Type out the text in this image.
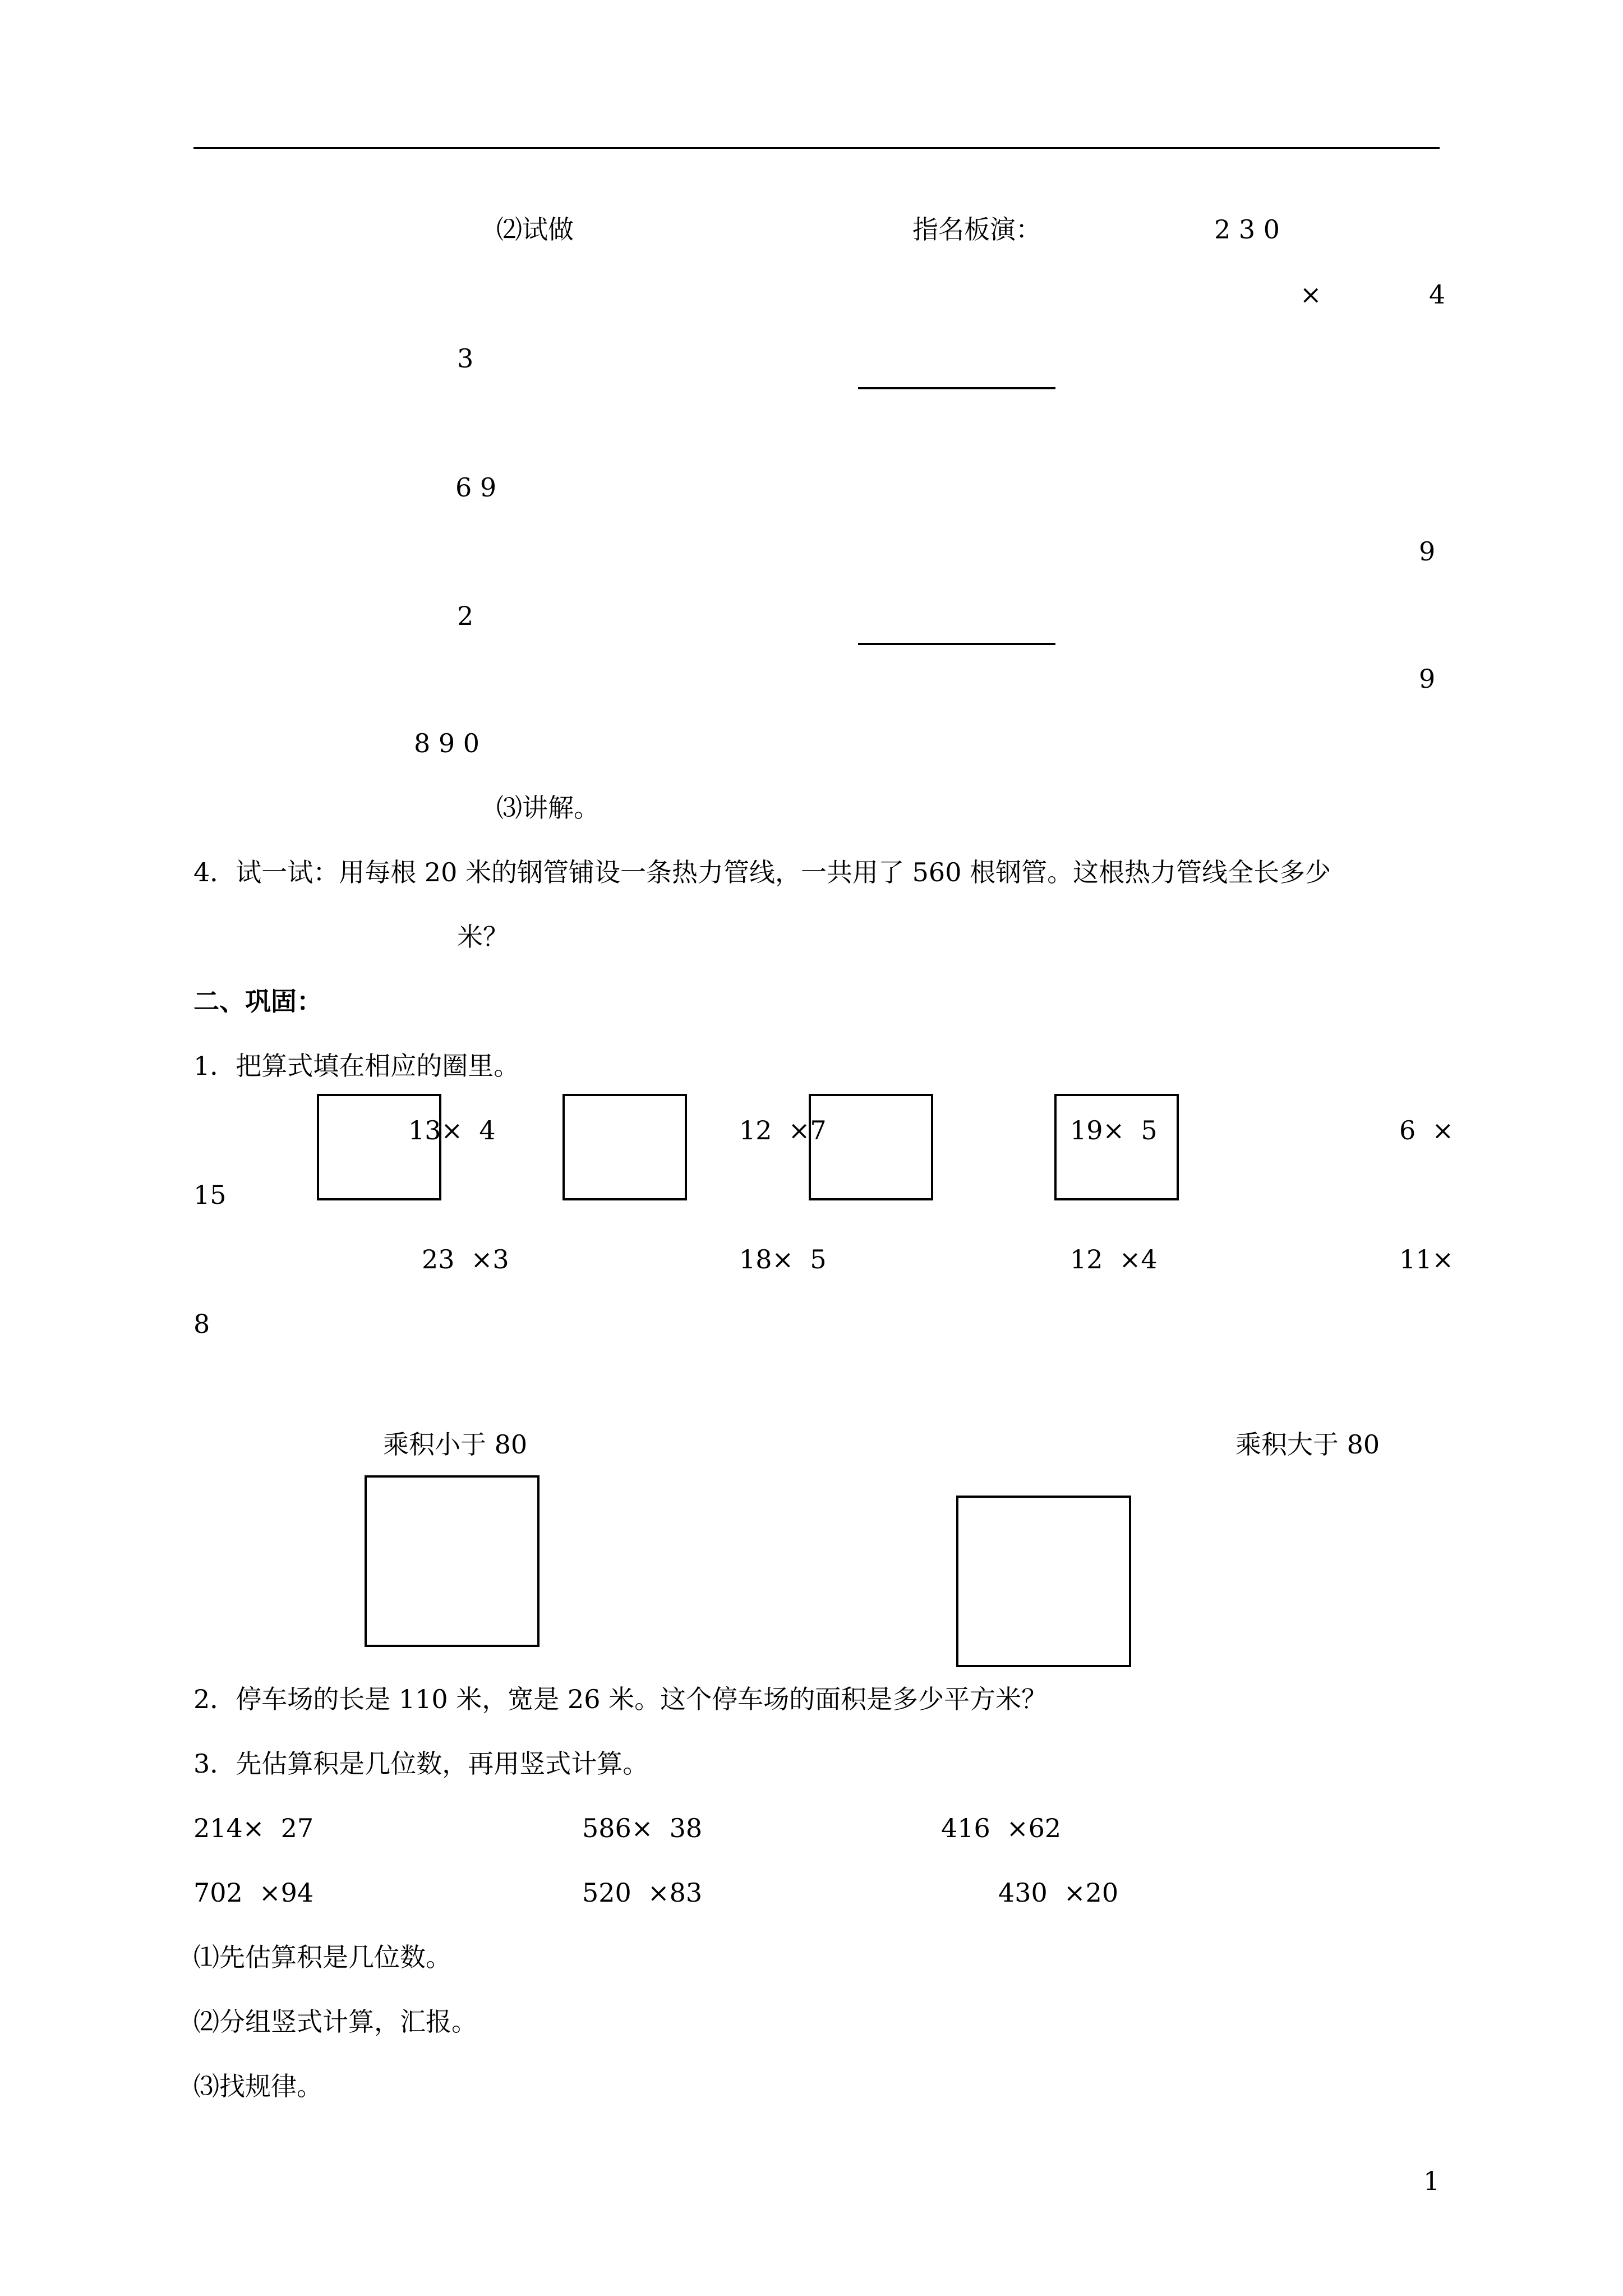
⑵试做	指名板演：	2 3 0
×	4
3
6 9
9
2
9
8 9 0
⑶讲解。
4．试一试：用每根 20 米的钢管铺设一条热力管线，一共用了 560 根钢管。这根热力管线全长多少
米？
二、巩固：
1．把算式填在相应的圈里。
13×  4	12  ×7	19×  5	6  ×
15
23  ×3	18×  5	12  ×4	11×
8
乘积小于 80	乘积大于 80
2．停车场的长是 110 米，宽是 26 米。这个停车场的面积是多少平方米？
3．先估算积是几位数，再用竖式计算。
214×  27	586×  38	416  ×62
702  ×94	520  ×83	430  ×20
⑴先估算积是几位数。
⑵分组竖式计算，汇报。
⑶找规律。
1
